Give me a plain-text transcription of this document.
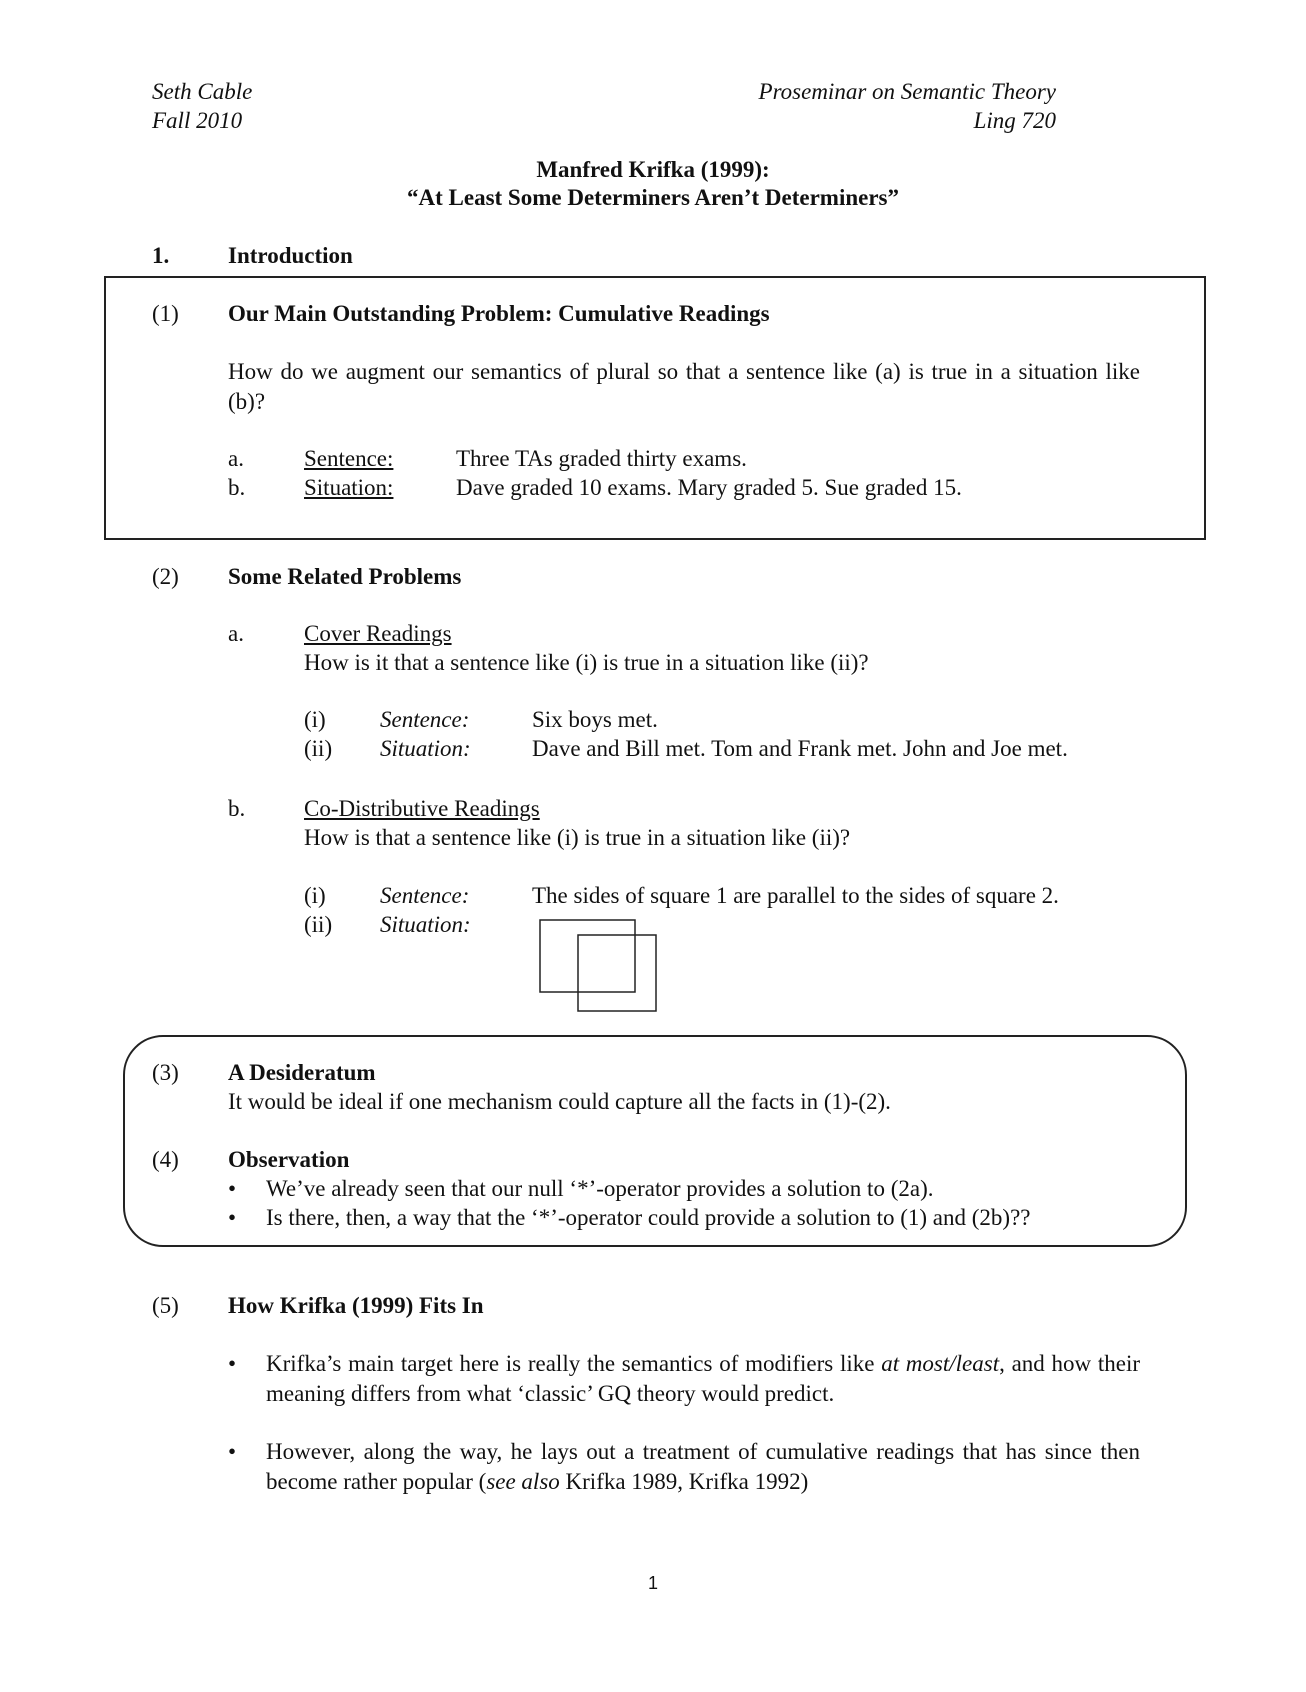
Seth Cable
Fall 2010
Proseminar on Semantic Theory
Ling 720
Manfred Krifka (1999):
“At Least Some Determiners Aren’t Determiners”
1.	Introduction
(1) Our Main Outstanding Problem: Cumulative Readings
How do we augment our semantics of plural so that a sentence like (a) is true in a situation like (b)?
a.	Sentence:	Three TAs graded thirty exams.
b.	Situation:	Dave graded 10 exams. Mary graded 5. Sue graded 15.
(2) Some Related Problems
a.	Cover Readings
How is it that a sentence like (i) is true in a situation like (ii)?
(i) Sentence:	Six boys met.
(ii) Situation:	Dave and Bill met. Tom and Frank met. John and Joe met.
b.	Co-Distributive Readings
How is that a sentence like (i) is true in a situation like (ii)?
(i) Sentence:	The sides of square 1 are parallel to the sides of square 2.
(ii) Situation:
(3) A Desideratum
It would be ideal if one mechanism could capture all the facts in (1)-(2).
(4) Observation
• We’ve already seen that our null ‘*’-operator provides a solution to (2a).
• Is there, then, a way that the ‘*’-operator could provide a solution to (1) and (2b)??
(5) How Krifka (1999) Fits In
• Krifka’s main target here is really the semantics of modifiers like at most/least, and how their meaning differs from what ‘classic’ GQ theory would predict.
• However, along the way, he lays out a treatment of cumulative readings that has since then become rather popular (see also Krifka 1989, Krifka 1992)
1
